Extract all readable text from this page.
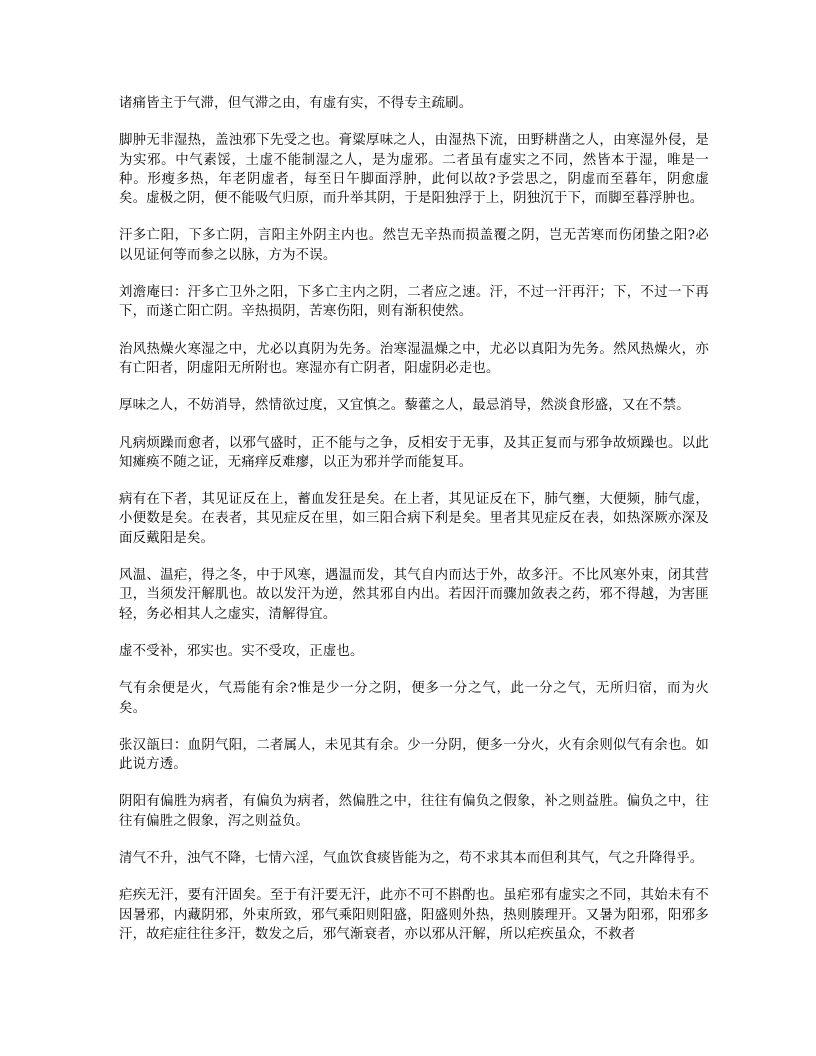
诸痛皆主于气滞，但气滞之由，有虚有实，不得专主疏刷。

脚肿无非湿热，盖浊邪下先受之也。膏粱厚味之人，由湿热下流，田野耕凿之人，由寒湿外侵，是为实邪。中气素馁，土虚不能制湿之人，是为虚邪。二者虽有虚实之不同，然皆本于湿，唯是一种。形瘦多热，年老阴虚者，每至日午脚面浮肿，此何以故?予尝思之，阴虚而至暮年，阴愈虚矣。虚极之阴，便不能吸气归原，而升举其阴，于是阳独浮于上，阴独沉于下，而脚至暮浮肿也。

汗多亡阳，下多亡阴，言阳主外阴主内也。然岂无辛热而损盖覆之阴，岂无苦寒而伤闭蛰之阳?必以见证何等而参之以脉，方为不误。

刘澹庵曰：汗多亡卫外之阳，下多亡主内之阴，二者应之速。汗，不过一汗再汗；下，不过一下再下，而遂亡阳亡阴。辛热损阴，苦寒伤阳，则有渐积使然。

治风热燥火寒湿之中，尤必以真阴为先务。治寒湿温燥之中，尤必以真阳为先务。然风热燥火，亦有亡阳者，阴虚阳无所附也。寒湿亦有亡阴者，阳虚阴必走也。

厚味之人，不妨消导，然情欲过度，又宜慎之。藜藿之人，最忌消导，然淡食形盛，又在不禁。

凡病烦躁而愈者，以邪气盛时，正不能与之争，反相安于无事，及其正复而与邪争故烦躁也。以此知瘫痪不随之证，无痛痒反难瘳，以正为邪并学而能复耳。

病有在下者，其见证反在上，蓄血发狂是矣。在上者，其见证反在下，肺气壅，大便频，肺气虚，小便数是矣。在表者，其见症反在里，如三阳合病下利是矣。里者其见症反在表，如热深厥亦深及面反戴阳是矣。

风温、温疟，得之冬，中于风寒，遇温而发，其气自内而达于外，故多汗。不比风寒外束，闭其营卫，当须发汗解肌也。故以发汗为逆，然其邪自内出。若因汗而骤加敛表之药，邪不得越，为害匪轻，务必相其人之虚实，清解得宜。

虚不受补，邪实也。实不受攻，正虚也。

气有余便是火，气焉能有余?惟是少一分之阴，便多一分之气，此一分之气，无所归宿，而为火矣。

张汉瓿曰：血阴气阳，二者属人，未见其有余。少一分阴，便多一分火，火有余则似气有余也。如此说方透。

阴阳有偏胜为病者，有偏负为病者，然偏胜之中，往往有偏负之假象，补之则益胜。偏负之中，往往有偏胜之假象，泻之则益负。

清气不升，浊气不降，七情六淫，气血饮食痰皆能为之，苟不求其本而但利其气，气之升降得乎。

疟疾无汗，要有汗固矣。至于有汗要无汗，此亦不可不斟酌也。虽疟邪有虚实之不同，其始未有不因暑邪，内藏阴邪，外束所致，邪气乘阳则阳盛，阳盛则外热，热则腠理开。又暑为阳邪，阳邪多汗，故疟症往往多汗，数发之后，邪气渐衰者，亦以邪从汗解，所以疟疾虽众，不救者
